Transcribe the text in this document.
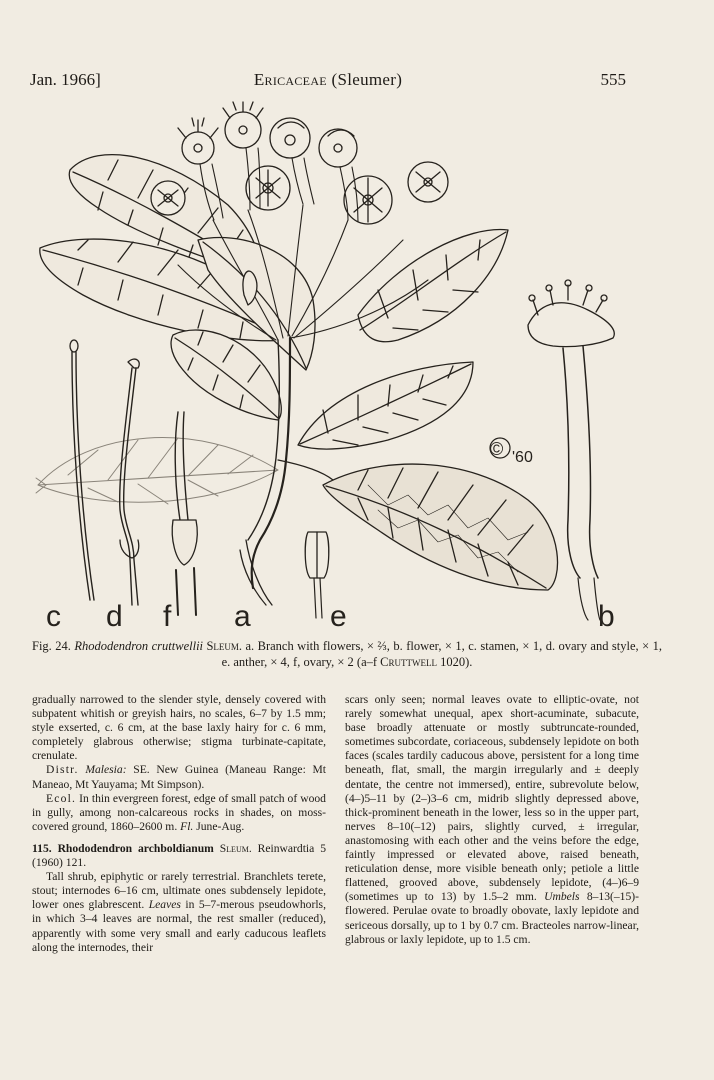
Jan. 1966]	Ericaceae (Sleumer)	555
c d f a	e	b
© '60
Fig. 24. Rhododendron cruttwellii Sleum. a. Branch with flowers, × ⅔, b. flower, × 1, c. stamen, × 1, d. ovary and style, × 1, e. anther, × 4, f, ovary, × 2 (a–f Cruttwell 1020).

gradually narrowed to the slender style, densely covered with subpatent whitish or greyish hairs, no scales, 6–7 by 1.5 mm; style exserted, c. 6 cm, at the base laxly hairy for c. 6 mm, completely glabrous otherwise; stigma turbinate-capitate, crenulate.

Distr. Malesia: SE. New Guinea (Maneau Range: Mt Maneao, Mt Yauyama; Mt Simpson).

Ecol. In thin evergreen forest, edge of small patch of wood in gully, among non-calcareous rocks in shades, on moss-covered ground, 1860–2600 m. Fl. June-Aug.

115. Rhododendron archboldianum Sleum. Reinwardtia 5 (1960) 121.

Tall shrub, epiphytic or rarely terrestrial. Branchlets terete, stout; internodes 6–16 cm, ultimate ones subdensely lepidote, lower ones glabrescent. Leaves in 5–7-merous pseudowhorls, in which 3–4 leaves are normal, the rest smaller (reduced), apparently with some very small and early caducous leaflets along the internodes, their

scars only seen; normal leaves ovate to elliptic-ovate, not rarely somewhat unequal, apex short-acuminate, subacute, base broadly attenuate or mostly subtruncate-rounded, sometimes subcordate, coriaceous, subdensely lepidote on both faces (scales tardily caducous above, persistent for a long time beneath, flat, small, the margin irregularly and ± deeply dentate, the centre not immersed), entire, subrevolute below, (4–)5–11 by (2–)3–6 cm, midrib slightly depressed above, thick-prominent beneath in the lower, less so in the upper part, nerves 8–10(–12) pairs, slightly curved, ± irregular, anastomosing with each other and the veins before the edge, faintly impressed or elevated above, raised beneath, reticulation dense, more visible beneath only; petiole a little flattened, grooved above, subdensely lepidote, (4–)6–9 (sometimes up to 13) by 1.5–2 mm. Umbels 8–13(–15)-flowered. Perulae ovate to broadly obovate, laxly lepidote and sericeous dorsally, up to 1 by 0.7 cm. Bracteoles narrow-linear, glabrous or laxly lepidote, up to 1.5 cm.
